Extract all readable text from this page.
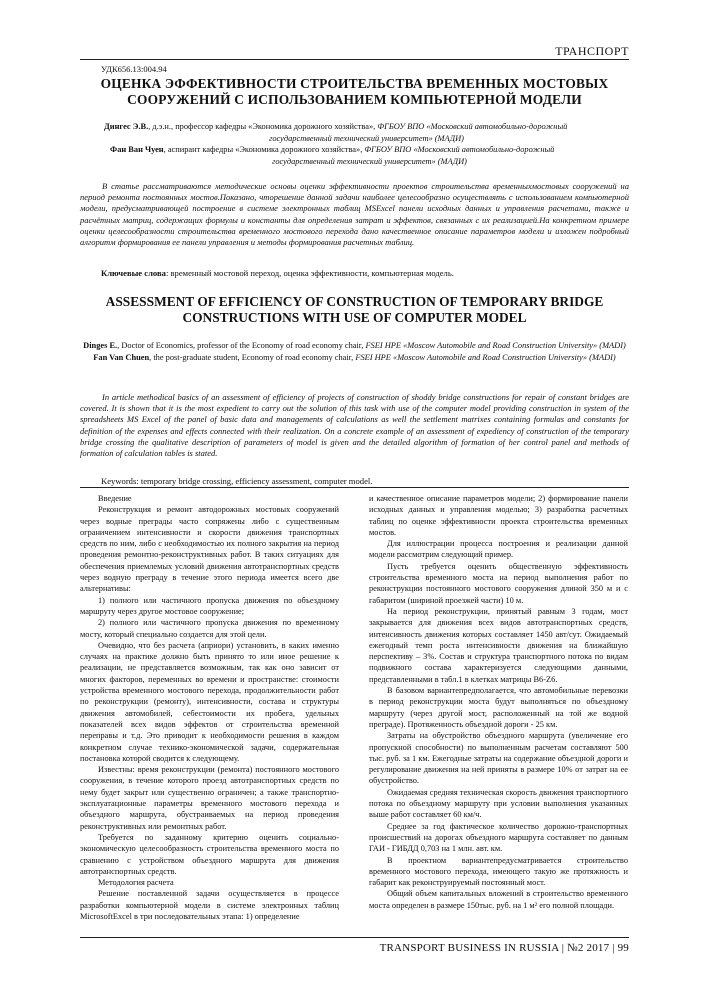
ТРАНСПОРТ
УДК656.13:004.94
ОЦЕНКА ЭФФЕКТИВНОСТИ СТРОИТЕЛЬСТВА ВРЕМЕННЫХ МОСТОВЫХ СООРУЖЕНИЙ С ИСПОЛЬЗОВАНИЕМ КОМПЬЮТЕРНОЙ МОДЕЛИ
Дингес Э.В., д.э.н., профессор кафедры «Экономика дорожного хозяйства», ФГБОУ ВПО «Московский автомобильно-дорожный
государственный технический университет» (МАДИ)
Фан Ван Чуен, аспирант кафедры «Экономика дорожного хозяйства», ФГБОУ ВПО «Московский автомобильно-дорожный
государственный технический университет» (МАДИ)

В статье рассматриваются методические основы оценки эффективности проектов строительства временныхмостовых сооружений на период ремонта постоянных мостов.Показано, чторешение данной задачи наиболее целесообразно осуществлять с использованием компьютерной модели, предусматривающей построение в системе электронных таблиц MSExcel панели исходных данных и управления расчетами, также и расчётных матриц, содержащих формулы и константы для определения затрат и эффектов, связанных с их реализацией.На конкретном примере оценки целесообразности строительства временного мостового перехода дано качественное описание параметров модели и изложен подробный алгоритм формирования ее панели управления и методы формирования расчетных таблиц.

Ключевые слова: временный мостовой переход, оценка эффективности, компьютерная модель.
ASSESSMENT OF EFFICIENCY OF CONSTRUCTION OF TEMPORARY BRIDGE CONSTRUCTIONS WITH USE OF COMPUTER MODEL
Dinges E., Doctor of Economics, professor of the Economy of road economy chair, FSEI HPE «Moscow Automobile and Road Construction University» (MADI)
Fan Van Chuen, the post-graduate student, Economy of road economy chair, FSEI HPE «Moscow Automobile and Road Construction University» (MADI)

In article methodical basics of an assessment of efficiency of projects of construction of shoddy bridge constructions for repair of constant bridges are covered. It is shown that it is the most expedient to carry out the solution of this task with use of the computer model providing construction in system of the spreadsheets MS Excel of the panel of basic data and managements of calculations as well the settlement matrixes containing formulas and constants for definition of the expenses and effects connected with their realization. On a concrete example of an assessment of expediency of construction of the temporary bridge crossing the qualitative description of parameters of model is given and the detailed algorithm of formation of her control panel and methods of formation of calculation tables is stated.

Keywords: temporary bridge crossing, efficiency assessment, computer model.

Введение

Реконструкция и ремонт автодорожных мостовых сооружений через водные преграды часто сопряжены либо с существенным ограничением интенсивности и скорости движения транспортных средств по ним, либо с необходимостью их полного закрытия на период проведения ремонтно-реконструктивных работ. В таких ситуациях для обеспечения приемлемых условий движения автотранспортных средств через водную преграду в течение этого периода имеется всего две альтернативы:

1) полного или частичного пропуска движения по объездному маршруту через другое мостовое сооружение;

2) полного или частичного пропуска движения по временному мосту, который специально создается для этой цели.

Очевидно, что без расчета (априори) установить, в каких именно случаях на практике должно быть принято то или иное решение к реализации, не представляется возможным, так как оно зависит от многих факторов, переменных во времени и пространстве: стоимости устройства временного мостового перехода, продолжительности работ по реконструкции (ремонту), интенсивности, состава и структуры движения автомобилей, себестоимости их пробега, удельных показателей всех видов эффектов от строительства временной переправы и т.д. Это приводит к необходимости решения в каждом конкретном случае технико-экономической задачи, содержательная постановка которой сводится к следующему.

Известны: время реконструкции (ремонта) постоянного мостового сооружения, в течение которого проезд автотранспортных средств по нему будет закрыт или существенно ограничен; а также транспортно-эксплуатационные параметры временного мостового перехода и объездного маршрута, обустраиваемых на период проведения реконструктивных или ремонтных работ.

Требуется по заданному критерию оценить социально-экономическую целесообразность строительства временного моста по сравнению с устройством объездного маршрута для движения автотранспортных средств.

Методология расчета

Решение поставленной задачи осуществляется в процессе разработки компьютерной модели в системе электронных таблиц MicrosoftExcel в три последовательных этапа: 1) определение

и качественное описание параметров модели; 2) формирование панели исходных данных и управления моделью; 3) разработка расчетных таблиц по оценке эффективности проекта строительства временных мостов.

Для иллюстрации процесса построения и реализации данной модели рассмотрим следующий пример.

Пусть требуется оценить общественную эффективность строительства временного моста на период выполнения работ по реконструкции постоянного мостового сооружения длиной 350 м и с габаритом (шириной проезжей части) 10 м.

На период реконструкции, принятый равным 3 годам, мост закрывается для движения всех видов автотранспортных средств, интенсивность движения которых составляет 1450 авт/сут. Ожидаемый ежегодный темп роста интенсивности движения на ближайшую перспективу – 3%. Состав и структура транспортного потока по видам подвижного состава характеризуется следующими данными, представленными в табл.1 в клетках матрицы B6-Z6.

В базовом вариантепредполагается, что автомобильные перевозки в период реконструкции моста будут выполняться по объездному маршруту (через другой мост, расположенный на той же водной преграде). Протяженность объездной дороги - 25 км.

Затраты на обустройство объездного маршрута (увеличение его пропускной способности) по выполненным расчетам составляют 500 тыс. руб. за 1 км. Ежегодные затраты на содержание объездной дороги и регулирование движения на ней приняты в размере 10% от затрат на ее обустройство.

Ожидаемая средняя техническая скорость движения транспортного потока по объездному маршруту при условии выполнения указанных выше работ составляет 60 км/ч.

Среднее за год фактическое количество дорожно-транспортных происшествий на дорогах объездного маршрута составляет по данным ГАИ - ГИБДД 0,703 на 1 млн. авт. км.

В проектном вариантепредусматривается строительство временного мостового перехода, имеющего такую же протяжность и габарит как реконструируемый постоянный мост.

Общий объем капитальных вложений в строительство временного моста определен в размере 150тыс. руб. на 1 м² его полной площади.

TRANSPORT BUSINESS IN RUSSIA | №2 2017 | 99
